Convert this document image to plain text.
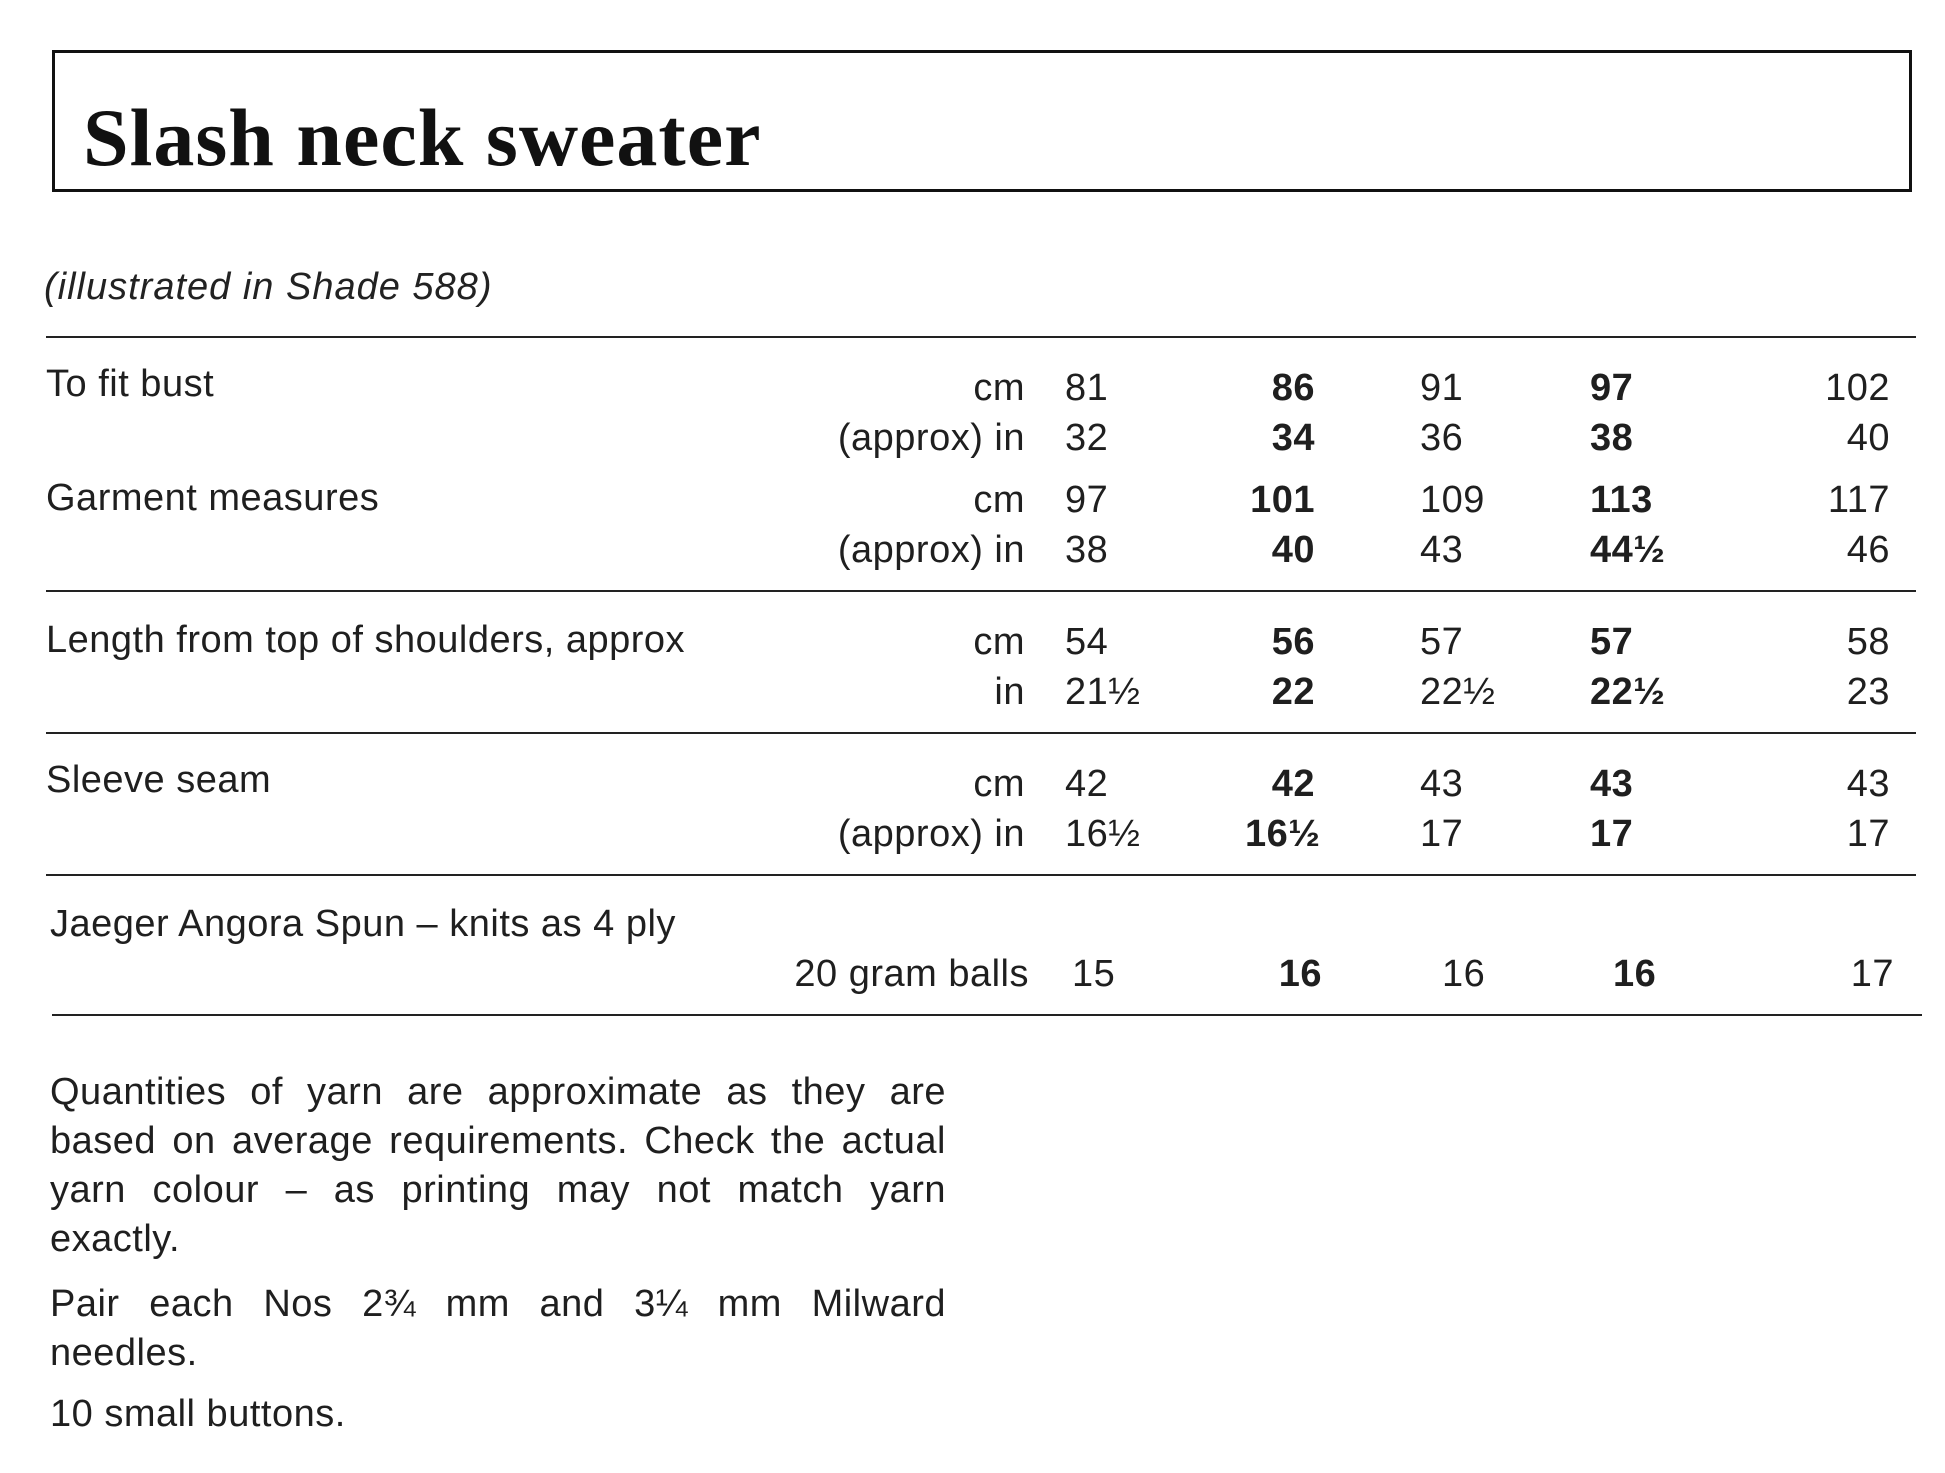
Slash neck sweater
(illustrated in Shade 588)
To fit bust	cm 81	86	91	97	102
(approx) in 32	34	36	38	40
Garment measures	cm 97	101	109	113	117
(approx) in 38	40	43	44½	46
Length from top of shoulders, approx	cm 54	56	57	57	58
in 21½	22	22½	22½	23
Sleeve seam	cm 42	42	43	43	43
(approx) in 16½	16½	17	17	17
Jaeger Angora Spun – knits as 4 ply
20 gram balls 15	16	16	16	17

Quantities of yarn are approximate as they are based on average requirements. Check the actual yarn colour – as printing may not match yarn exactly.

Pair each Nos 2¾ mm and 3¼ mm Milward needles.

10 small buttons.
